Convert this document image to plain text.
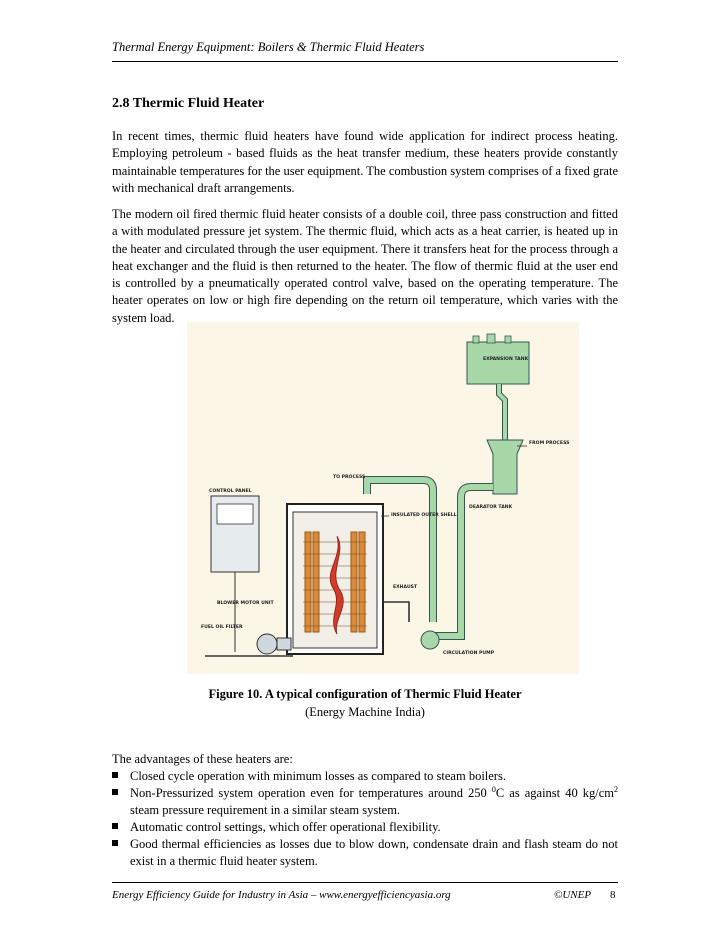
Thermal Energy Equipment: Boilers & Thermic Fluid Heaters
2.8 Thermic Fluid Heater

In recent times, thermic fluid heaters have found wide application for indirect process heating. Employing petroleum - based fluids as the heat transfer medium, these heaters provide constantly maintainable temperatures for the user equipment. The combustion system comprises of a fixed grate with mechanical draft arrangements.

The modern oil fired thermic fluid heater consists of a double coil, three pass construction and fitted a with modulated pressure jet system. The thermic fluid, which acts as a heat carrier, is heated up in the heater and circulated through the user equipment. There it transfers heat for the process through a heat exchanger and the fluid is then returned to the heater. The flow of thermic fluid at the user end is controlled by a pneumatically operated control valve, based on the operating temperature. The heater operates on low or high fire depending on the return oil temperature, which varies with the system load.

EXPANSION TANK
FROM PROCESS
DEARATOR TANK
CIRCULATION PUMP
TO PROCESS
INSULATED OUTER SHELL
EXHAUST
CONTROL PANEL
BLOWER MOTOR UNIT
FUEL OIL FILTER

Figure 10. A typical configuration of Thermic Fluid Heater

(Energy Machine India)

The advantages of these heaters are:

Closed cycle operation with minimum losses as compared to steam boilers.
Non-Pressurized system operation even for temperatures around 250 $^0$C as against 40 $kg/cm^2$ steam pressure requirement in a similar steam system.
Automatic control settings, which offer operational flexibility.
Good thermal efficiencies as losses due to blow down, condensate drain and flash steam do not exist in a thermic fluid heater system.
Energy Efficiency Guide for Industry in Asia – www.energyefficiencyasia.org	©UNEP 8
